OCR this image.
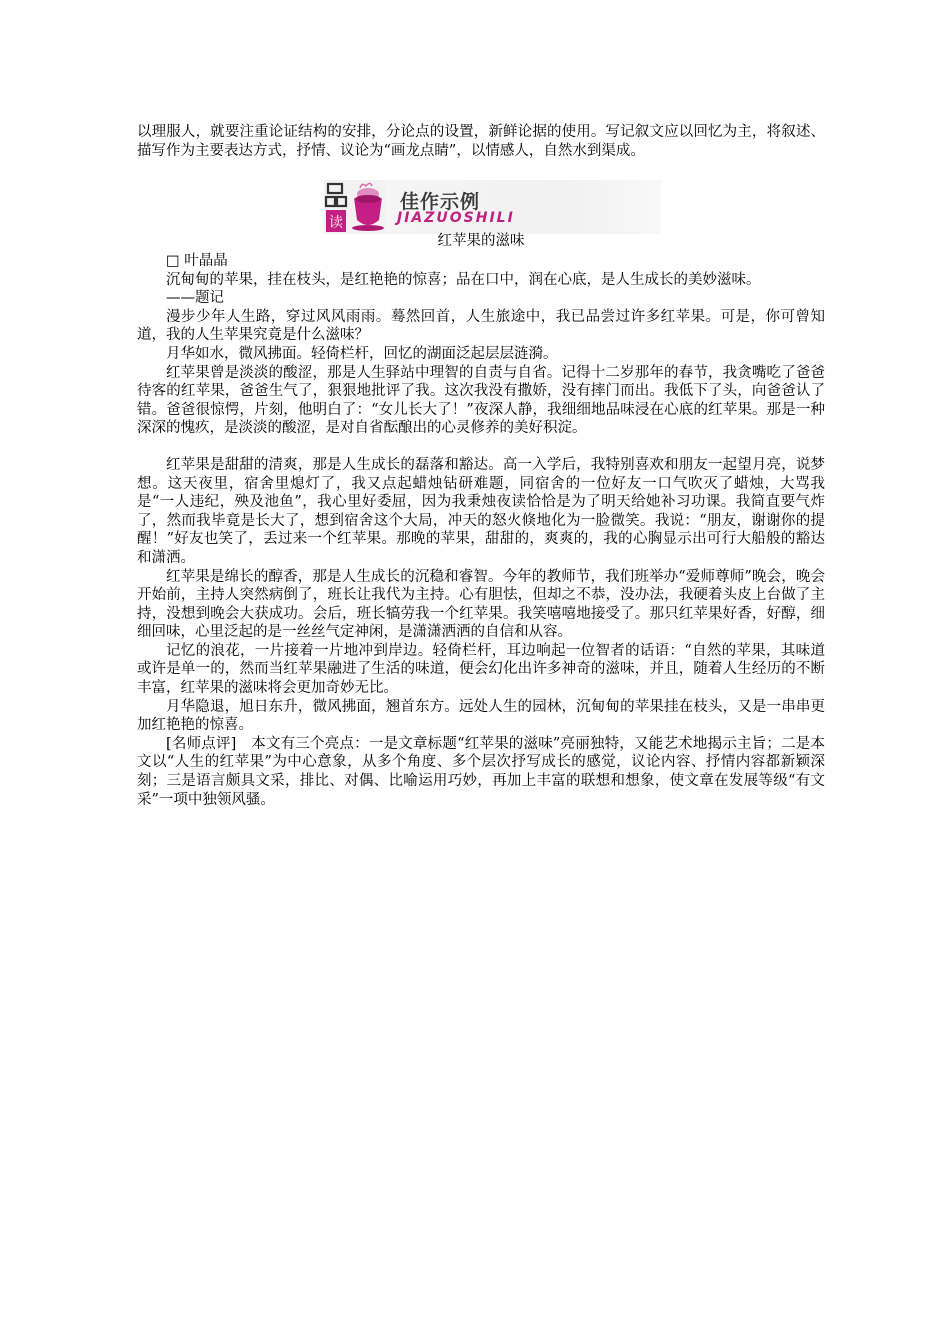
以理服人，就要注重论证结构的安排，分论点的设置，新鲜论据的使用。写记叙文应以回忆为主，将叙述、描写作为主要表达方式，抒情、议论为“画龙点睛”，以情感人，自然水到渠成。

读
佳作示例
JIAZUOSHILI
红苹果的滋味

□ 叶晶晶

沉甸甸的苹果，挂在枝头，是红艳艳的惊喜；品在口中，润在心底，是人生成长的美妙滋味。

——题记

漫步少年人生路，穿过风风雨雨。蓦然回首，人生旅途中，我已品尝过许多红苹果。可是，你可曾知道，我的人生苹果究竟是什么滋味？

月华如水，微风拂面。轻倚栏杆，回忆的湖面泛起层层涟漪。

红苹果曾是淡淡的酸涩，那是人生驿站中理智的自责与自省。记得十二岁那年的春节，我贪嘴吃了爸爸待客的红苹果，爸爸生气了，狠狠地批评了我。这次我没有撒娇，没有摔门而出。我低下了头，向爸爸认了错。爸爸很惊愕，片刻，他明白了：“女儿长大了！”夜深人静，我细细地品味浸在心底的红苹果。那是一种深深的愧疚，是淡淡的酸涩，是对自省酝酿出的心灵修养的美好积淀。

红苹果是甜甜的清爽，那是人生成长的磊落和豁达。高一入学后，我特别喜欢和朋友一起望月亮，说梦想。这天夜里，宿舍里熄灯了，我又点起蜡烛钻研难题，同宿舍的一位好友一口气吹灭了蜡烛，大骂我是“一人违纪，殃及池鱼”，我心里好委屈，因为我秉烛夜读恰恰是为了明天给她补习功课。我简直要气炸了，然而我毕竟是长大了，想到宿舍这个大局，冲天的怒火倏地化为一脸微笑。我说：“朋友，谢谢你的提醒！”好友也笑了，丢过来一个红苹果。那晚的苹果，甜甜的，爽爽的，我的心胸显示出可行大船般的豁达和潇洒。

红苹果是绵长的醇香，那是人生成长的沉稳和睿智。今年的教师节，我们班举办“爱师尊师”晚会，晚会开始前，主持人突然病倒了，班长让我代为主持。心有胆怯，但却之不恭，没办法，我硬着头皮上台做了主持，没想到晚会大获成功。会后，班长犒劳我一个红苹果。我笑嘻嘻地接受了。那只红苹果好香，好醇，细细回味，心里泛起的是一丝丝气定神闲，是潇潇洒洒的自信和从容。

记忆的浪花，一片接着一片地冲到岸边。轻倚栏杆，耳边响起一位智者的话语：“自然的苹果，其味道或许是单一的，然而当红苹果融进了生活的味道，便会幻化出许多神奇的滋味，并且，随着人生经历的不断丰富，红苹果的滋味将会更加奇妙无比。

月华隐退，旭日东升，微风拂面，翘首东方。远处人生的园林，沉甸甸的苹果挂在枝头，又是一串串更加红艳艳的惊喜。

[名师点评]　本文有三个亮点：一是文章标题“红苹果的滋味”亮丽独特，又能艺术地揭示主旨；二是本文以“人生的红苹果”为中心意象，从多个角度、多个层次抒写成长的感觉，议论内容、抒情内容都新颖深刻；三是语言颇具文采，排比、对偶、比喻运用巧妙，再加上丰富的联想和想象，使文章在发展等级“有文采”一项中独领风骚。
